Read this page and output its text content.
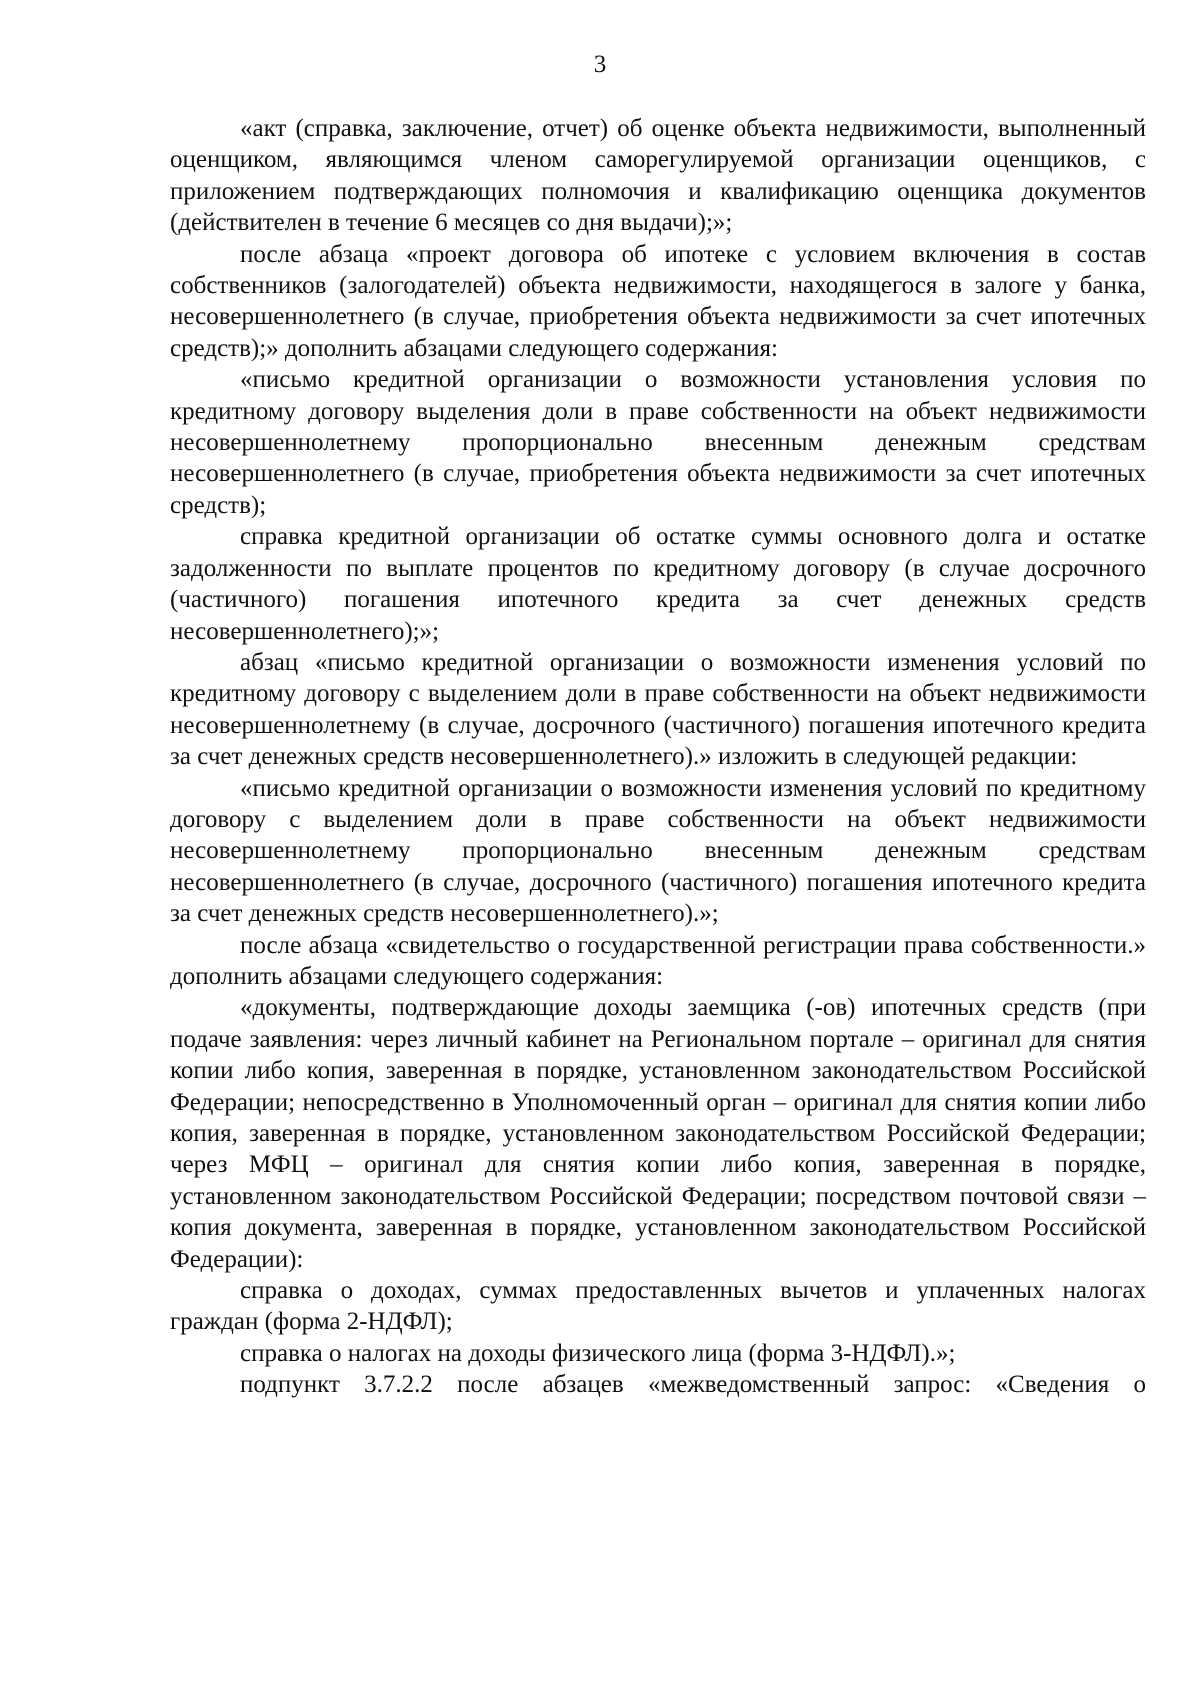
3

«акт (справка, заключение, отчет) об оценке объекта недвижимости, выполненный оценщиком, являющимся членом саморегулируемой организации оценщиков, с приложением подтверждающих полномочия и квалификацию оценщика документов (действителен в течение 6 месяцев со дня выдачи);»;

после абзаца «проект договора об ипотеке с условием включения в состав собственников (залогодателей) объекта недвижимости, находящегося в залоге у банка, несовершеннолетнего (в случае, приобретения объекта недвижимости за счет ипотечных средств);» дополнить абзацами следующего содержания:

«письмо кредитной организации о возможности установления условия по кредитному договору выделения доли в праве собственности на объект недвижимости несовершеннолетнему пропорционально внесенным денежным средствам несовершеннолетнего (в случае, приобретения объекта недвижимости за счет ипотечных средств);

справка кредитной организации об остатке суммы основного долга и остатке задолженности по выплате процентов по кредитному договору (в случае досрочного (частичного) погашения ипотечного кредита за счет денежных средств несовершеннолетнего);»;

абзац «письмо кредитной организации о возможности изменения условий по кредитному договору с выделением доли в праве собственности на объект недвижимости несовершеннолетнему (в случае, досрочного (частичного) погашения ипотечного кредита за счет денежных средств несовершеннолетнего).» изложить в следующей редакции:

«письмо кредитной организации о возможности изменения условий по кредитному договору с выделением доли в праве собственности на объект недвижимости несовершеннолетнему пропорционально внесенным денежным средствам несовершеннолетнего (в случае, досрочного (частичного) погашения ипотечного кредита за счет денежных средств несовершеннолетнего).»;

после абзаца «свидетельство о государственной регистрации права собственности.» дополнить абзацами следующего содержания:

«документы, подтверждающие доходы заемщика (-ов) ипотечных средств (при подаче заявления: через личный кабинет на Региональном портале – оригинал для снятия копии либо копия, заверенная в порядке, установленном законодательством Российской Федерации; непосредственно в Уполномоченный орган – оригинал для снятия копии либо копия, заверенная в порядке, установленном законодательством Российской Федерации; через МФЦ – оригинал для снятия копии либо копия, заверенная в порядке, установленном законодательством Российской Федерации; посредством почтовой связи – копия документа, заверенная в порядке, установленном законодательством Российской Федерации):

справка о доходах, суммах предоставленных вычетов и уплаченных налогах граждан (форма 2-НДФЛ);

справка о налогах на доходы физического лица (форма 3-НДФЛ).»;

подпункт 3.7.2.2 после абзацев «межведомственный запрос: «Сведения о
